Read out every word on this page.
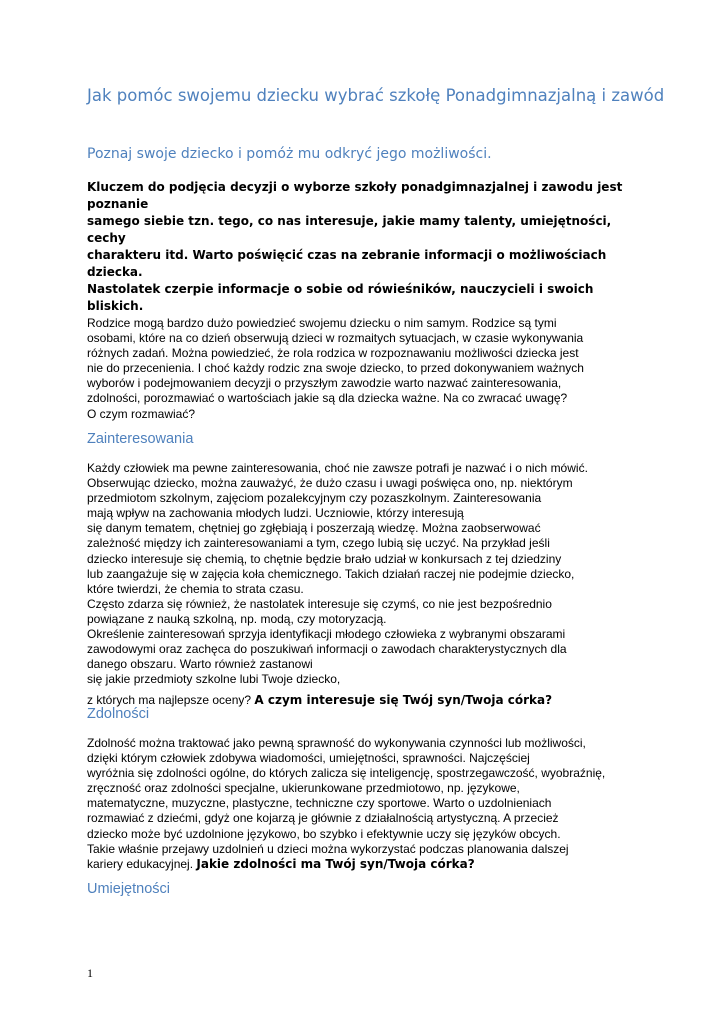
Jak pomóc swojemu dziecku wybrać szkołę Ponadgimnazjalną i zawód
Poznaj swoje dziecko i pomóż mu odkryć jego możliwości.
Kluczem do podjęcia decyzji o wyborze szkoły ponadgimnazjalnej i zawodu jest
poznanie
samego siebie tzn. tego, co nas interesuje, jakie mamy talenty, umiejętności,
cechy
charakteru itd. Warto poświęcić czas na zebranie informacji o możliwościach
dziecka.
Nastolatek czerpie informacje o sobie od rówieśników, nauczycieli i swoich
bliskich.
Rodzice mogą bardzo dużo powiedzieć swojemu dziecku o nim samym. Rodzice są tymi
osobami, które na co dzień obserwują dzieci w rozmaitych sytuacjach, w czasie wykonywania
różnych zadań. Można powiedzieć, że rola rodzica w rozpoznawaniu możliwości dziecka jest
nie do przecenienia. I choć każdy rodzic zna swoje dziecko, to przed dokonywaniem ważnych
wyborów i podejmowaniem decyzji o przyszłym zawodzie warto nazwać zainteresowania,
zdolności, porozmawiać o wartościach jakie są dla dziecka ważne. Na co zwracać uwagę?
O czym rozmawiać?
Zainteresowania
Każdy człowiek ma pewne zainteresowania, choć nie zawsze potrafi je nazwać i o nich mówić.
Obserwując dziecko, można zauważyć, że dużo czasu i uwagi poświęca ono, np. niektórym
przedmiotom szkolnym, zajęciom pozalekcyjnym czy pozaszkolnym. Zainteresowania
mają wpływ na zachowania młodych ludzi. Uczniowie, którzy interesują
się danym tematem, chętniej go zgłębiają i poszerzają wiedzę. Można zaobserwować
zależność między ich zainteresowaniami a tym, czego lubią się uczyć. Na przykład jeśli
dziecko interesuje się chemią, to chętnie będzie brało udział w konkursach z tej dziedziny
lub zaangażuje się w zajęcia koła chemicznego. Takich działań raczej nie podejmie dziecko,
które twierdzi, że chemia to strata czasu.
Często zdarza się również, że nastolatek interesuje się czymś, co nie jest bezpośrednio
powiązane z nauką szkolną, np. modą, czy motoryzacją.
Określenie zainteresowań sprzyja identyfikacji młodego człowieka z wybranymi obszarami
zawodowymi oraz zachęca do poszukiwań informacji o zawodach charakterystycznych dla
danego obszaru. Warto również zastanowi
się jakie przedmioty szkolne lubi Twoje dziecko,
z których ma najlepsze oceny? A czym interesuje się Twój syn/Twoja córka?
Zdolności
Zdolność można traktować jako pewną sprawność do wykonywania czynności lub możliwości,
dzięki którym człowiek zdobywa wiadomości, umiejętności, sprawności. Najczęściej
wyróżnia się zdolności ogólne, do których zalicza się inteligencję, spostrzegawczość, wyobraźnię,
zręczność oraz zdolności specjalne, ukierunkowane przedmiotowo, np. językowe,
matematyczne, muzyczne, plastyczne, techniczne czy sportowe. Warto o uzdolnieniach
rozmawiać z dziećmi, gdyż one kojarzą je głównie z działalnością artystyczną. A przecież
dziecko może być uzdolnione językowo, bo szybko i efektywnie uczy się języków obcych.
Takie właśnie przejawy uzdolnień u dzieci można wykorzystać podczas planowania dalszej
kariery edukacyjnej. Jakie zdolności ma Twój syn/Twoja córka?
Umiejętności
1
